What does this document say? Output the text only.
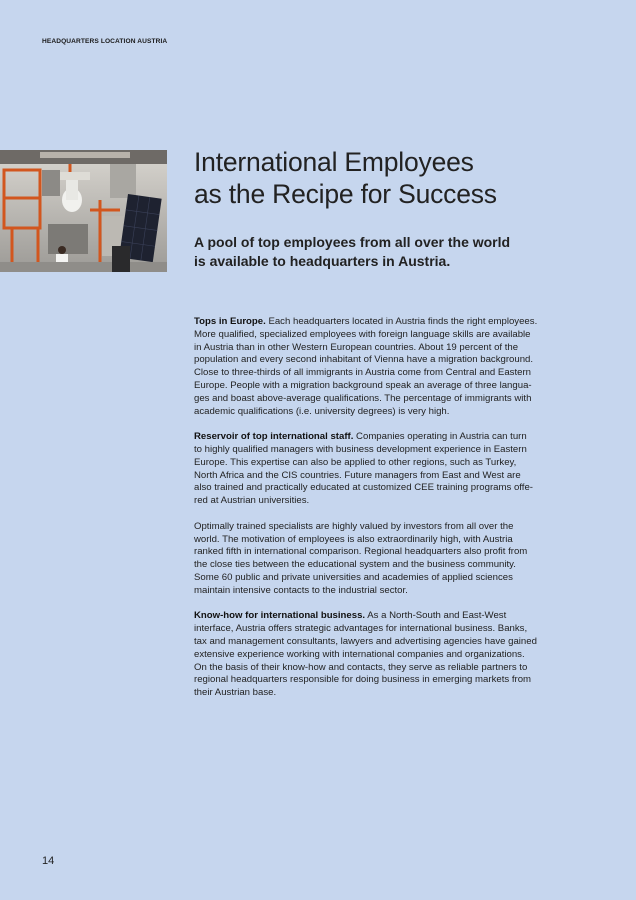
HEADQUARTERS LOCATION AUSTRIA
International Employees
as the Recipe for Success
A pool of top employees from all over the world
is available to headquarters in Austria.

Tops in Europe. Each headquarters located in Austria finds the right employees.
More qualified, specialized employees with foreign language skills are available
in Austria than in other Western European countries. About 19 percent of the
population and every second inhabitant of Vienna have a migration background.
Close to three-thirds of all immigrants in Austria come from Central and Eastern
Europe. People with a migration background speak an average of three langua-
ges and boast above-average qualifications. The percentage of immigrants with
academic qualifications (i.e. university degrees) is very high.

Reservoir of top international staff. Companies operating in Austria can turn
to highly qualified managers with business development experience in Eastern
Europe. This expertise can also be applied to other regions, such as Turkey,
North Africa and the CIS countries. Future managers from East and West are
also trained and practically educated at customized CEE training programs offe-
red at Austrian universities.

Optimally trained specialists are highly valued by investors from all over the
world. The motivation of employees is also extraordinarily high, with Austria
ranked fifth in international comparison. Regional headquarters also profit from
the close ties between the educational system and the business community.
Some 60 public and private universities and academies of applied sciences
maintain intensive contacts to the industrial sector.

Know-how for international business. As a North-South and East-West
interface, Austria offers strategic advantages for international business. Banks,
tax and management consultants, lawyers and advertising agencies have gained
extensive experience working with international companies and organizations.
On the basis of their know-how and contacts, they serve as reliable partners to
regional headquarters responsible for doing business in emerging markets from
their Austrian base.

14
